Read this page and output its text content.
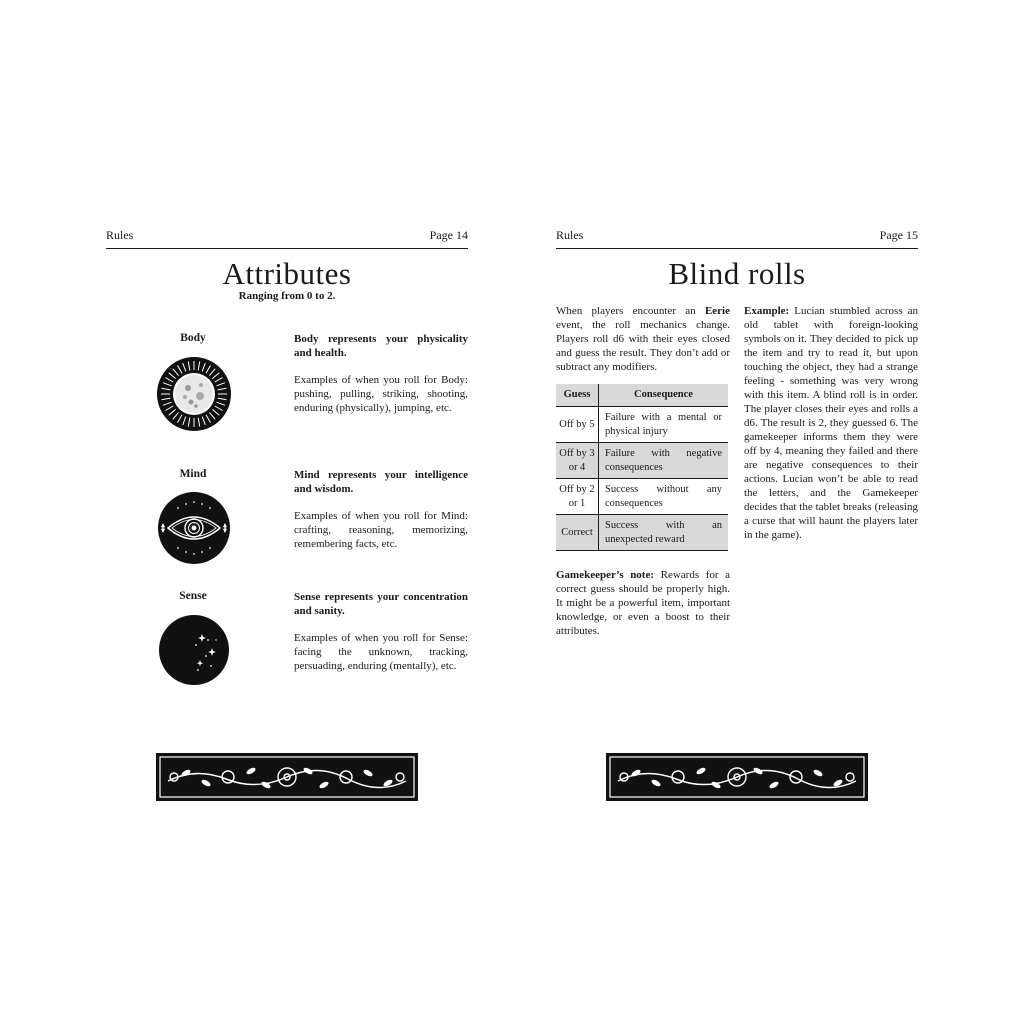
Rules	Page 14
Attributes
Ranging from 0 to 2.
Body	Body represents your physicality and health.
Examples of when you roll for Body: pushing, pulling, striking, shooting, enduring (physically), jumping, etc.
Mind	Mind represents your intelligence and wisdom.
Examples of when you roll for Mind: crafting, reasoning, memorizing, remembering facts, etc.
Sense	Sense represents your concentration and sanity.
Examples of when you roll for Sense: facing the unknown, tracking, persuading, enduring (mentally), etc.
Rules	Page 15
Blind rolls
When players encounter an Eerie event, the roll mechanics change. Players roll d6 with their eyes closed and guess the result. They don’t add or subtract any modifiers.
Guess	Consequence
Off by 5	Failure with a mental or physical injury
Off by 3 or 4	Failure with negative consequences
Off by 2 or 1	Success without any consequences
Correct	Success with an unexpected reward
Gamekeeper’s note: Rewards for a correct guess should be properly high. It might be a powerful item, important knowledge, or even a boost to their attributes.
Example: Lucian stumbled across an old tablet with foreign-looking symbols on it. They decided to pick up the item and try to read it, but upon touching the object, they had a strange feeling - something was very wrong with this item. A blind roll is in order. The player closes their eyes and rolls a d6. The result is 2, they guessed 6. The gamekeeper informs them they were off by 4, meaning they failed and there are negative consequences to their actions. Lucian won’t be able to read the letters, and the Gamekeeper decides that the tablet breaks (releasing a curse that will haunt the players later in the game).
